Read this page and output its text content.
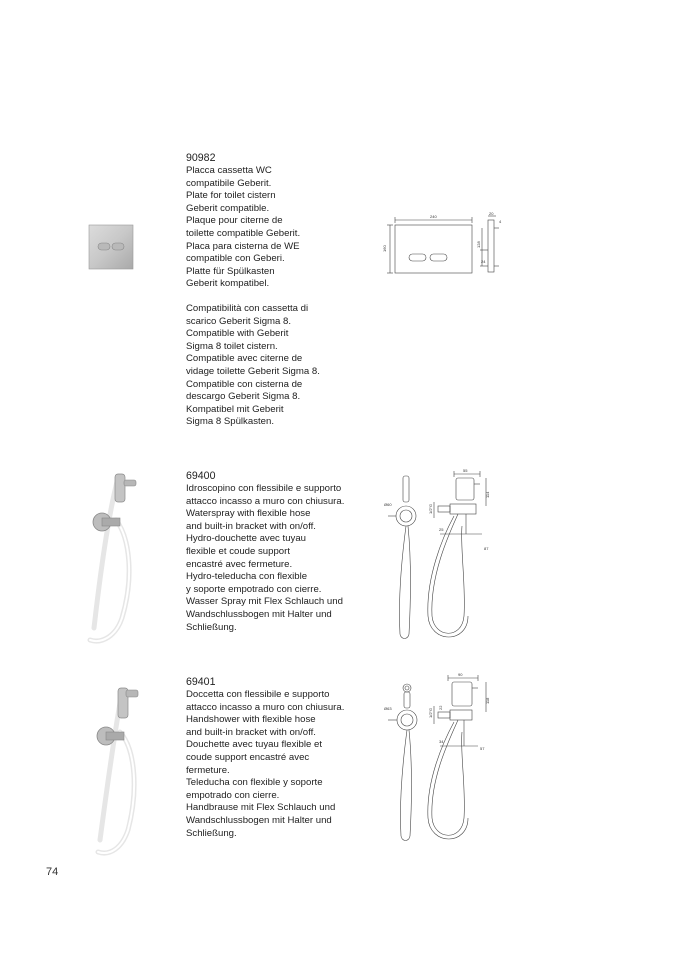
90982
Placca cassetta WC
compatibile Geberit.
Plate for toilet cistern
Geberit compatible.
Plaque pour citerne de
toilette compatible Geberit.
Placa para cisterna de WE
compatible con Geberi.
Platte für Spülkasten
Geberit kompatibel.
Compatibilità con cassetta di
scarico Geberit Sigma 8.
Compatible with Geberit
Sigma 8 toilet cistern.
Compatible avec citerne de
vidage toilette Geberit Sigma 8.
Compatible con cisterna de
descargo Geberit Sigma 8.
Kompatibel mit Geberit
Sigma 8 Spülkasten.
240
160
20
4
128
24
69400
Idroscopino con flessibile e supporto
attacco incasso a muro con chiusura.
Waterspray with flexible hose
and built-in bracket with on/off.
Hydro-douchette avec tuyau
flexible et coude support
encastré avec fermeture.
Hydro-teleducha con flexible
y soporte empotrado con cierre.
Wasser Spray mit Flex Schlauch und
Wandschlussbogen mit Halter und
Schließung.
Ø60
55
114
1/2"G
25
87
69401
Doccetta con flessibile e supporto
attacco incasso a muro con chiusura.
Handshower with flexible hose
and built-in bracket with on/off.
Douchette avec tuyau flexible et
coude support encastré avec
fermeture.
Teleducha con flexible y soporte
empotrado con cierre.
Handbrause mit Flex Schlauch und
Wandschlussbogen mit Halter und
Schließung.
Ø63
90
118
1/2"G
22
34
57
74
